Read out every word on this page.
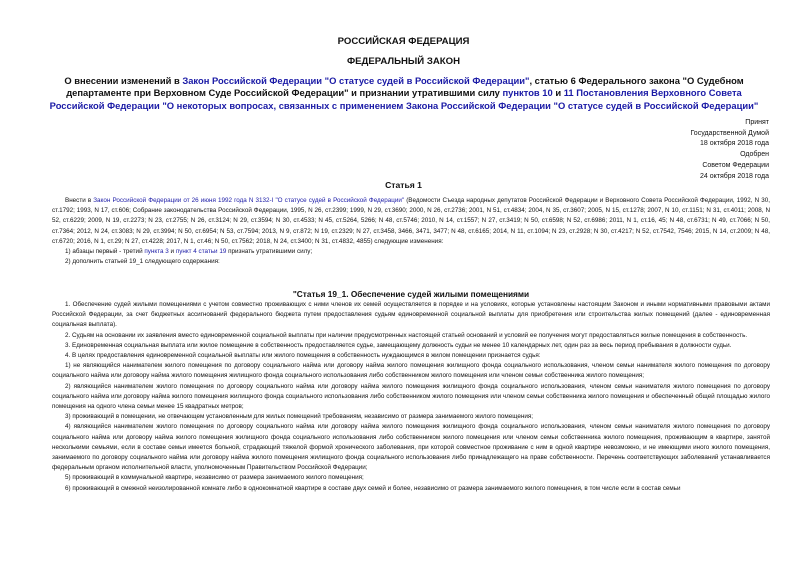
РОССИЙСКАЯ ФЕДЕРАЦИЯ
ФЕДЕРАЛЬНЫЙ ЗАКОН
О внесении изменений в Закон Российской Федерации "О статусе судей в Российской Федерации", статью 6 Федерального закона "О Судебном департаменте при Верховном Суде Российской Федерации" и признании утратившими силу пунктов 10 и 11 Постановления Верховного Совета Российской Федерации "О некоторых вопросах, связанных с применением Закона Российской Федерации "О статусе судей в Российской Федерации"
Принят
Государственной Думой
18 октября 2018 года
Одобрен
Советом Федерации
24 октября 2018 года
Статья 1

Внести в Закон Российской Федерации от 26 июня 1992 года N 3132-I "О статусе судей в Российской Федерации" (Ведомости Съезда народных депутатов Российской Федерации и Верховного Совета Российской Федерации, 1992, N 30, ст.1792; 1993, N 17, ст.606; Собрание законодательства Российской Федерации, 1995, N 26, ст.2399; 1999, N 29, ст.3690; 2000, N 26, ст.2736; 2001, N 51, ст.4834; 2004, N 35, ст.3607; 2005, N 15, ст.1278; 2007, N 10, ст.1151; N 31, ст.4011; 2008, N 52, ст.6229; 2009, N 19, ст.2273; N 23, ст.2755; N 26, ст.3124; N 29, ст.3594; N 30, ст.4533; N 45, ст.5264, 5266; N 48, ст.5746; 2010, N 14, ст.1557; N 27, ст.3419; N 50, ст.6598; N 52, ст.6986; 2011, N 1, ст.16, 45; N 48, ст.6731; N 49, ст.7066; N 50, ст.7364; 2012, N 24, ст.3083; N 29, ст.3994; N 50, ст.6954; N 53, ст.7594; 2013, N 9, ст.872; N 19, ст.2329; N 27, ст.3458, 3466, 3471, 3477; N 48, ст.6165; 2014, N 11, ст.1094; N 23, ст.2928; N 30, ст.4217; N 52, ст.7542, 7546; 2015, N 14, ст.2009; N 48, ст.6720; 2016, N 1, ст.29; N 27, ст.4228; 2017, N 1, ст.46; N 50, ст.7562; 2018, N 24, ст.3400; N 31, ст.4832, 4855) следующие изменения:

1) абзацы первый - третий пункта 3 и пункт 4 статьи 19 признать утратившими силу;

2) дополнить статьей 19_1 следующего содержания:

"Статья 19_1. Обеспечение судей жилыми помещениями

1. Обеспечение судей жилыми помещениями с учетом совместно проживающих с ними членов их семей осуществляется в порядке и на условиях, которые установлены настоящим Законом и иными нормативными правовыми актами Российской Федерации, за счет бюджетных ассигнований федерального бюджета путем предоставления судьям единовременной социальной выплаты для приобретения или строительства жилых помещений (далее - единовременная социальная выплата).

2. Судьям на основании их заявления вместо единовременной социальной выплаты при наличии предусмотренных настоящей статьей оснований и условий ее получения могут предоставляться жилые помещения в собственность.

3. Единовременная социальная выплата или жилое помещение в собственность предоставляется судье, замещающему должность судьи не менее 10 календарных лет, один раз за весь период пребывания в должности судьи.

4. В целях предоставления единовременной социальной выплаты или жилого помещения в собственность нуждающимся в жилом помещении признается судья:

1) не являющийся нанимателем жилого помещения по договору социального найма или договору найма жилого помещения жилищного фонда социального использования, членом семьи нанимателя жилого помещения по договору социального найма или договору найма жилого помещения жилищного фонда социального использования либо собственником жилого помещения или членом семьи собственника жилого помещения;

2) являющийся нанимателем жилого помещения по договору социального найма или договору найма жилого помещения жилищного фонда социального использования, членом семьи нанимателя жилого помещения по договору социального найма или договору найма жилого помещения жилищного фонда социального использования либо собственником жилого помещения или членом семьи собственника жилого помещения и обеспеченный общей площадью жилого помещения на одного члена семьи менее 15 квадратных метров;

3) проживающий в помещении, не отвечающем установленным для жилых помещений требованиям, независимо от размера занимаемого жилого помещения;

4) являющийся нанимателем жилого помещения по договору социального найма или договору найма жилого помещения жилищного фонда социального использования, членом семьи нанимателя жилого помещения по договору социального найма или договору найма жилого помещения жилищного фонда социального использования либо собственником жилого помещения или членом семьи собственника жилого помещения, проживающим в квартире, занятой несколькими семьями, если в составе семьи имеется больной, страдающий тяжелой формой хронического заболевания, при которой совместное проживание с ним в одной квартире невозможно, и не имеющими иного жилого помещения, занимаемого по договору социального найма или договору найма жилого помещения жилищного фонда социального использования либо принадлежащего на праве собственности. Перечень соответствующих заболеваний устанавливается федеральным органом исполнительной власти, уполномоченным Правительством Российской Федерации;

5) проживающий в коммунальной квартире, независимо от размера занимаемого жилого помещения;

6) проживающий в смежной неизолированной комнате либо в однокомнатной квартире в составе двух семей и более, независимо от размера занимаемого жилого помещения, в том числе если в состав семьи
